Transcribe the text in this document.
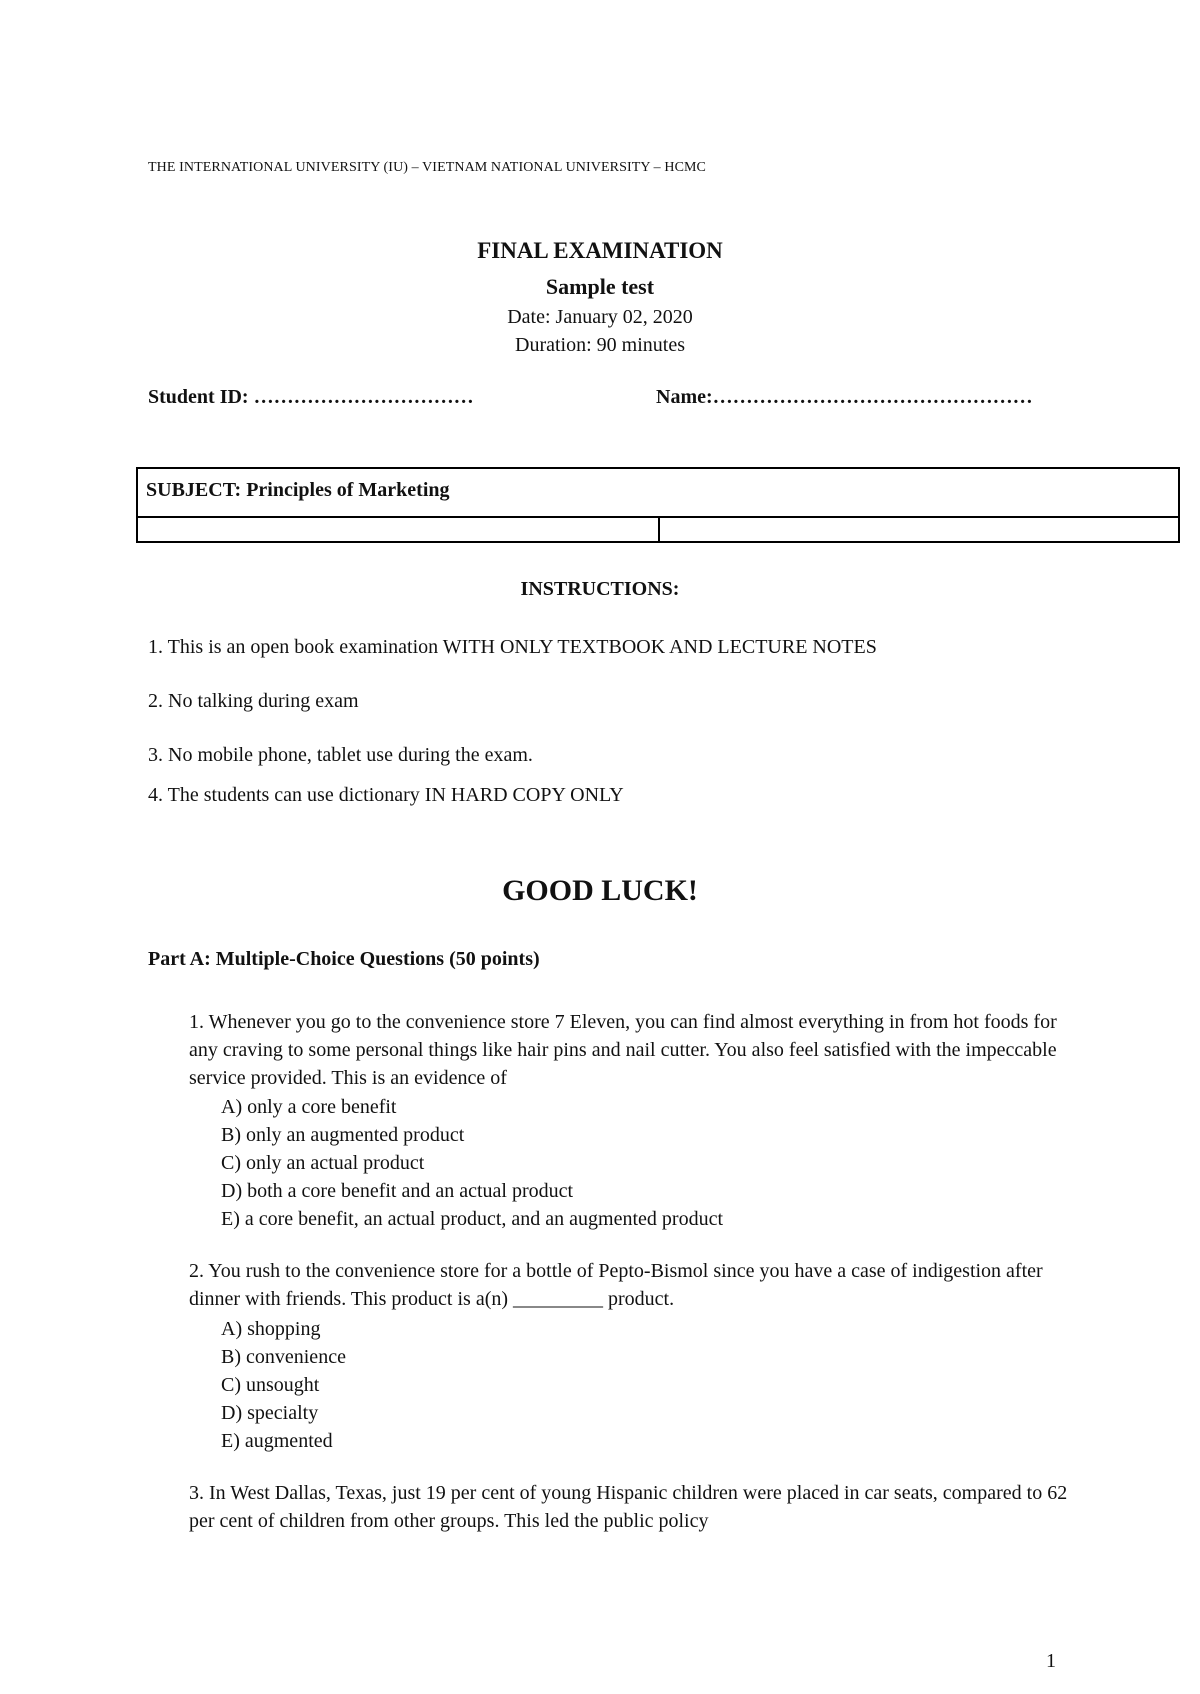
THE INTERNATIONAL UNIVERSITY (IU) – VIETNAM NATIONAL UNIVERSITY – HCMC
FINAL EXAMINATION
Sample test
Date: January 02, 2020
Duration: 90 minutes
Student ID: ……………………………	Name:…………………………………………
SUBJECT: Principles of Marketing
INSTRUCTIONS:
1. This is an open book examination WITH ONLY TEXTBOOK AND LECTURE NOTES
2. No talking during exam
3. No mobile phone, tablet use during the exam.
4. The students can use dictionary IN HARD COPY ONLY
GOOD LUCK!
Part A: Multiple-Choice Questions (50 points)
1. Whenever you go to the convenience store 7 Eleven, you can find almost everything in from hot foods for any craving to some personal things like hair pins and nail cutter. You also feel satisfied with the impeccable service provided. This is an evidence of
A) only a core benefit
B) only an augmented product
C) only an actual product
D) both a core benefit and an actual product
E) a core benefit, an actual product, and an augmented product
2. You rush to the convenience store for a bottle of Pepto-Bismol since you have a case of indigestion after dinner with friends. This product is a(n) _________ product.
A) shopping
B) convenience
C) unsought
D) specialty
E) augmented
3. In West Dallas, Texas, just 19 per cent of young Hispanic children were placed in car seats, compared to 62 per cent of children from other groups. This led the public policy
1
